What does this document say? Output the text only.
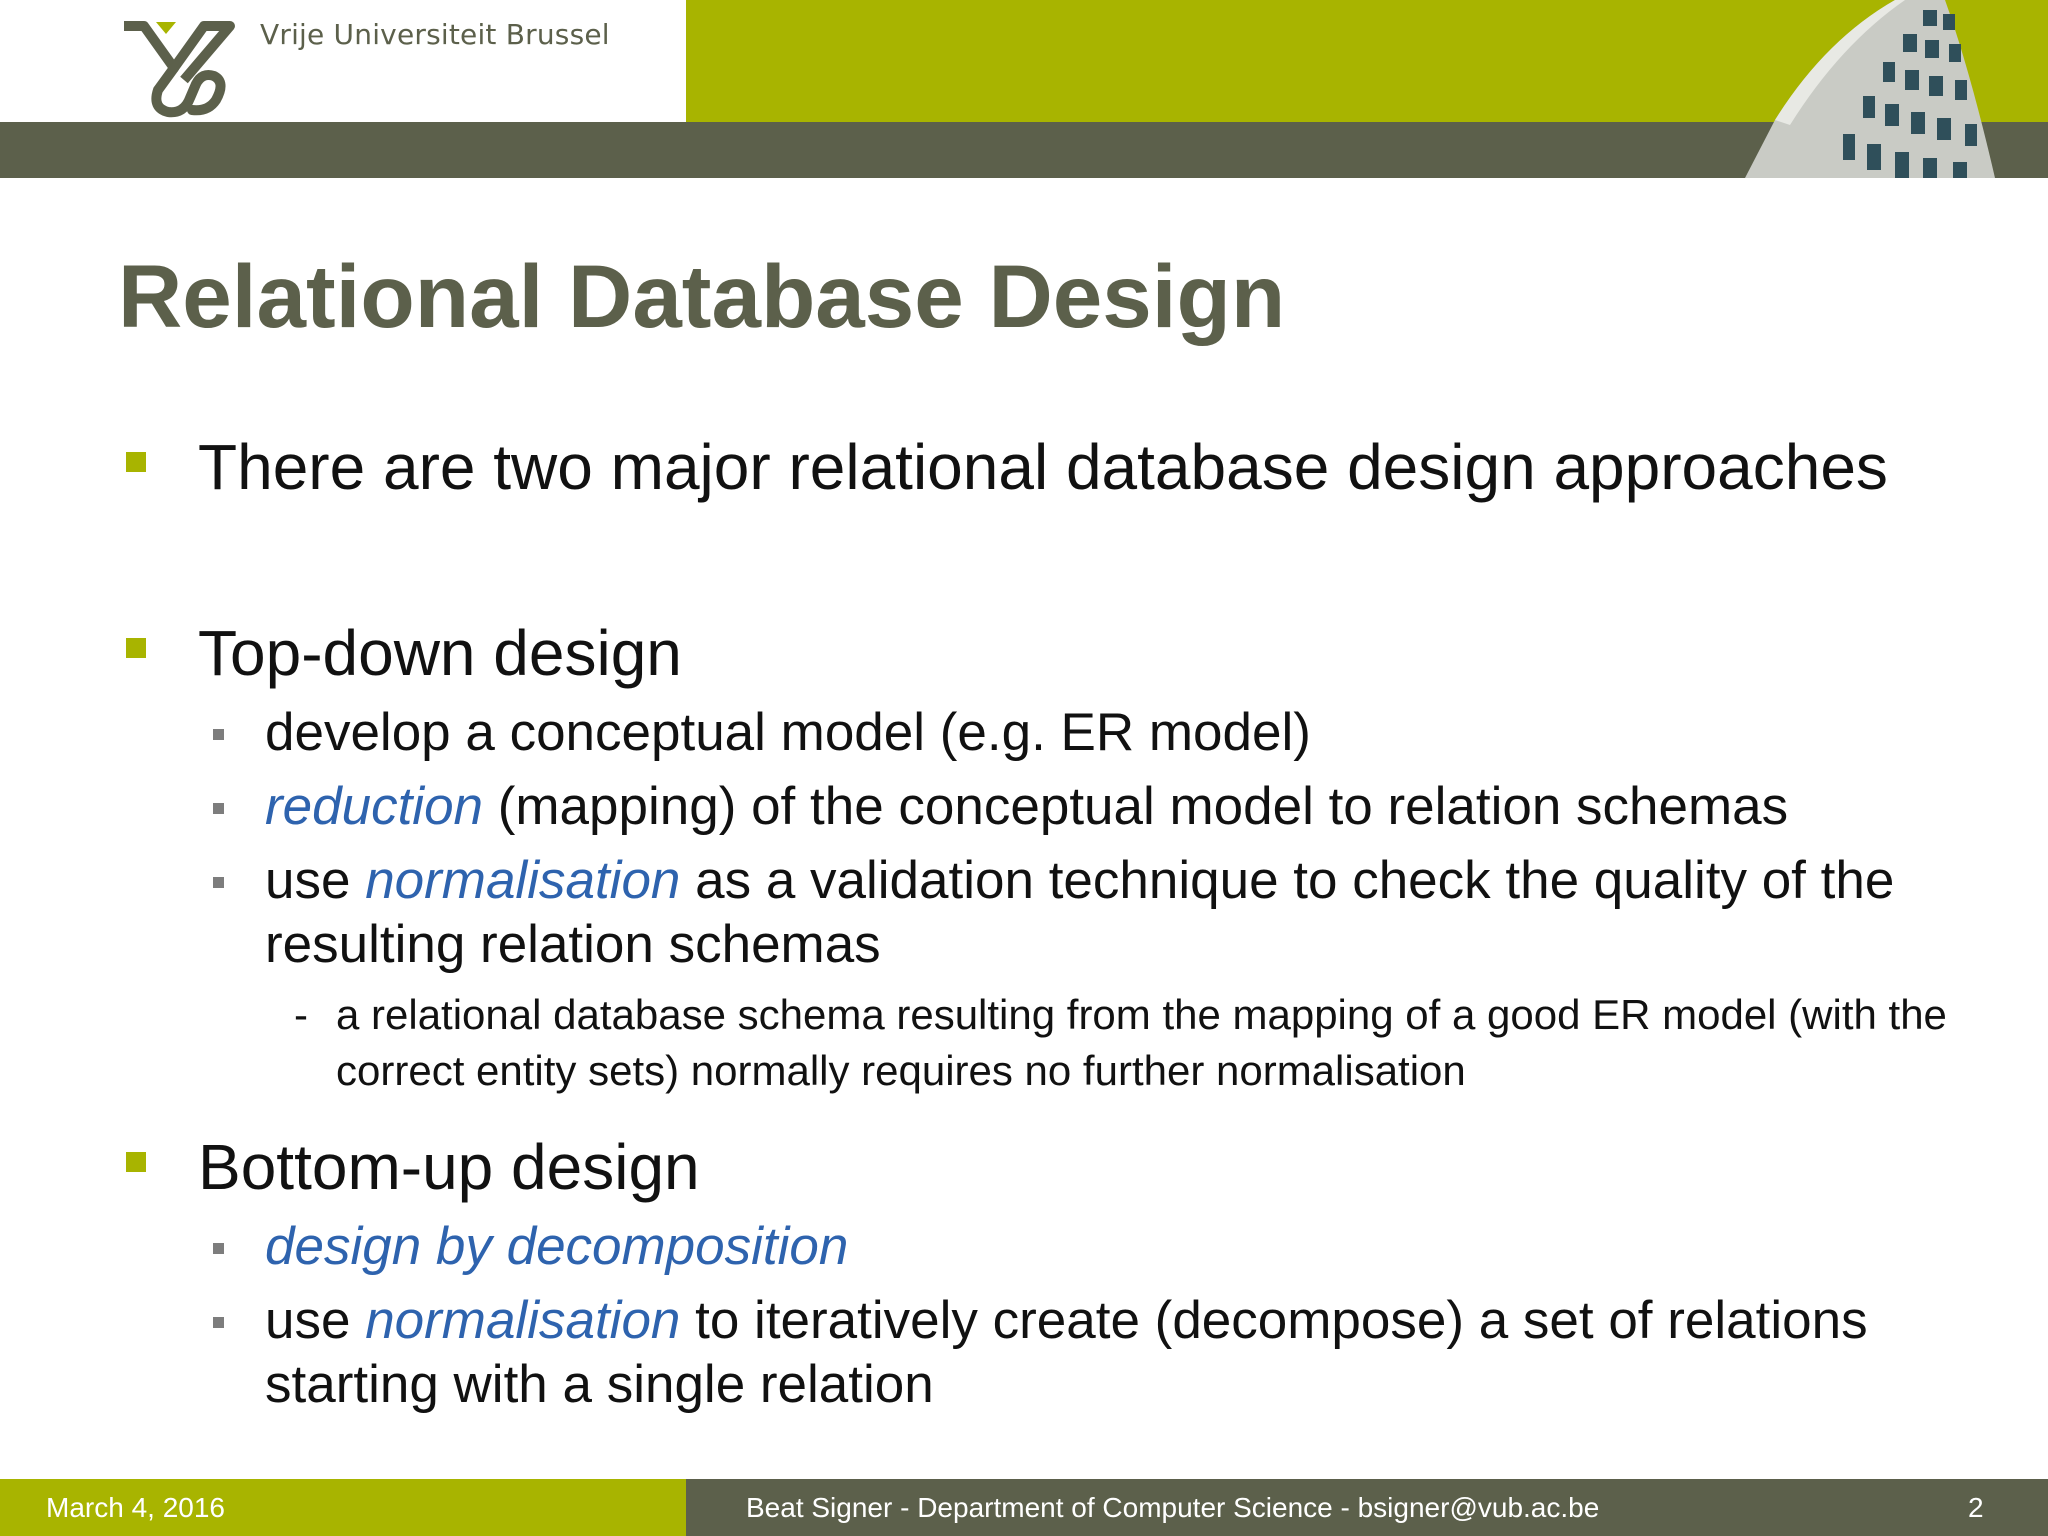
Vrije Universiteit Brussel
Relational Database Design

There are two major relational database design approaches

Top-down design

develop a conceptual model (e.g. ER model)

reduction (mapping) of the conceptual model to relation schemas

use normalisation as a validation technique to check the quality of the resulting relation schemas

- a relational database schema resulting from the mapping of a good ER model (with the correct entity sets) normally requires no further normalisation

Bottom-up design

design by decomposition

use normalisation to iteratively create (decompose) a set of relations starting with a single relation

March 4, 2016	Beat Signer - Department of Computer Science - bsigner@vub.ac.be	2
